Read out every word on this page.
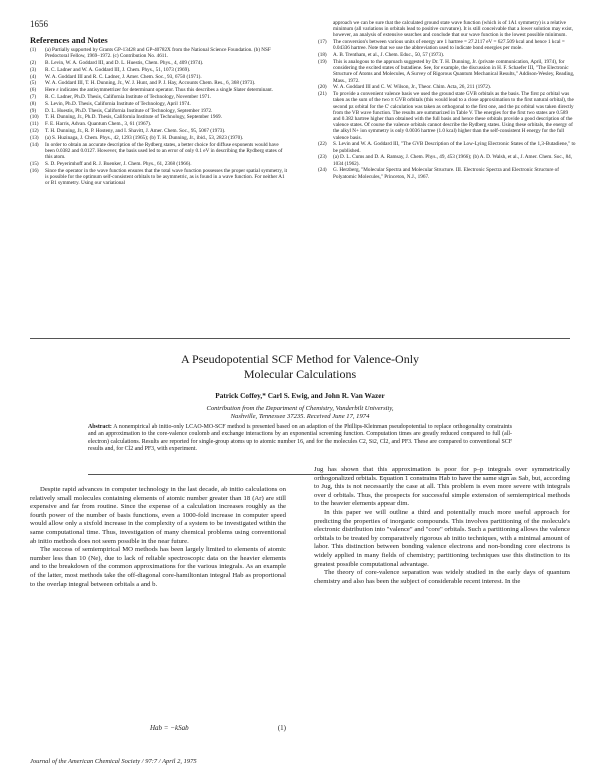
1656
References and Notes
(1)	(a) Partially supported by Grants GP-13428 and GP-40782X from the National Science Foundation. (b) NSF Predoctoral Fellow, 1969–1972. (c) Contribution No. 4611.
(2)	B. Levin, W. A. Goddard III, and D. L. Huestis, Chem. Phys., 4, 409 (1974).
(3)	R. C. Ladner and W. A. Goddard III, J. Chem. Phys., 51, 1073 (1969).
(4)	W. A. Goddard III and R. C. Ladner, J. Amer. Chem. Soc., 93, 6750 (1971).
(5)	W. A. Goddard III, T. H. Dunning, Jr., W. J. Hunt, and P. J. Hay, Accounts Chem. Res., 6, 368 (1973).
(6)	Here ε indicates the antisymmetrizer for determinant operator. Thus this describes a single Slater determinant.
(7)	R. C. Ladner, Ph.D. Thesis, California Institute of Technology, November 1971.
(8)	S. Levin, Ph.D. Thesis, California Institute of Technology, April 1974.
(9)	D. L. Huestis, Ph.D. Thesis, California Institute of Technology, September 1972.
(10)	T. H. Dunning, Jr., Ph.D. Thesis, California Institute of Technology, September 1969.
(11)	F. E. Harris, Advan. Quantum Chem., 3, 61 (1967).
(12)	T. H. Dunning, Jr., R. P. Hosteny, and I. Shavitt, J. Amer. Chem. Soc., 95, 5067 (1973).
(13)	(a) S. Huzinaga, J. Chem. Phys., 42, 1293 (1965); (b) T. H. Dunning, Jr., ibid., 53, 2823 (1970).
(14)	In order to obtain an accurate description of the Rydberg states, a better choice for diffuse exponents would have been 0.0382 and 0.0127. However, the basis used led to an error of only 0.1 eV in describing the Rydberg states of this atom.
(15)	S. D. Peyerimhoff and R. J. Buenker, J. Chem. Phys., 61, 2368 (1966).
(16)	Since the operator in the wave function ensures that the total wave function possesses the proper spatial symmetry, it is possible for the optimum self-consistent orbitals to be asymmetric, as is found in a wave function. For neither A1 or B1 symmetry. Using our variational
approach we can be sure that the calculated ground state wave function (which is of 1A1 symmetry) is a relative minimum (all variations in orbitals lead to positive curvature). It is still conceivable that a lower solution may exist, however, an analysis of extensive searches and conclude that our wave function is the lowest possible minimum.
(17)	The conversion's between various units of energy are 1 hartree = 27.2117 eV = 627.509 kcal and hence 1 kcal = 0.04336 hartree. Note that we use the abbreviation used to indicate bond energies per mole.
(18)	A. B. Trentham, et al., J. Chem. Educ., 50, 57 (1973).
(19)	This is analogous to the approach suggested by Dr. T. H. Dunning, Jr. (private communication, April, 1974), for considering the excited states of butadiene. See, for example, the discussion in H. F. Schaefer III, "The Electronic Structure of Atoms and Molecules, A Survey of Rigorous Quantum Mechanical Results," Addison-Wesley, Reading, Mass., 1972.
(20)	W. A. Goddard III and C. W. Wilson, Jr., Theor. Chim. Acta, 26, 211 (1972).
(21)	To provide a convenient valence basis we used the ground state GVB orbitals as the basis. The first pz orbital was taken as the sum of the two π GVB orbitals (this would lead to a close approximation to the first natural orbital), the second pz orbital for the C' calculation was taken as orthogonal to the first one, and the pz orbital was taken directly from the VB wave function. The results are summarized in Table V. The energies for the first two states are 0.589 and 0.382 hartree higher than obtained with the full basis and hence these orbitals provide a good description of the valence states. Of course the valence orbitals cannot describe the Rydberg states. Using these orbitals, the energy of the alkyl N+ ion symmetry is only 0.0036 hartree (1.0 kcal) higher than the self-consistent H energy for the full valence basis.
(22)	S. Levin and W. A. Goddard III, "The GVB Description of the Low-Lying Electronic States of the 1,3-Butadiene," to be published.
(23)	(a) D. L. Cums and D. A. Ramsay, J. Chem. Phys., 49, 453 (1966); (b) A. D. Walsh, et al., J. Amer. Chem. Soc., 84, 1034 (1962).
(24)	G. Herzberg, "Molecular Spectra and Molecular Structure. III. Electronic Spectra and Electronic Structure of Polyatomic Molecules," Princeton, N.J., 1967.
A Pseudopotential SCF Method for Valence-Only
Molecular Calculations
Patrick Coffey,* Carl S. Ewig, and John R. Van Wazer
Contribution from the Department of Chemistry, Vanderbilt University,
Nashville, Tennessee 37235. Received June 17, 1974
Abstract: A nonempirical ab initio-only LCAO-MO-SCF method is presented based on an adaption of the Phillips-Kleinman pseudopotential to replace orthogonality constraints and an approximation to the core-valence coulomb and exchange interactions by an exponential screening function. Computation times are greatly reduced compared to full (all-electron) calculations. Results are reported for single-group atoms up to atomic number 16, and for the molecules C2, Si2, Cl2, and PF3. These are compared to conventional SCF results and, for Cl2 and PF3, with experiment.

Despite rapid advances in computer technology in the last decade, ab initio calculations on relatively small molecules containing elements of atomic number greater than 18 (Ar) are still expensive and far from routine. Since the expense of a calculation increases roughly as the fourth power of the number of basis functions, even a 1000-fold increase in computer speed would allow only a sixfold increase in the complexity of a system to be investigated within the same computational time. Thus, investigation of many chemical problems using conventional ab initio methods does not seem possible in the near future.

The success of semiempirical MO methods has been largely limited to elements of atomic number less than 10 (Ne), due to lack of reliable spectroscopic data on the heavier elements and to the breakdown of the common approximations for the various integrals. As an example of the latter, most methods take the off-diagonal core-hamiltonian integral Hab as proportional to the overlap integral between orbitals a and b.

Hab = −kSab	(1)

Jug has shown that this approximation is poor for p–p integrals over symmetrically orthogonalized orbitals. Equation 1 constrains Hab to have the same sign as Sab, but, according to Jug, this is not necessarily the case at all. This problem is even more severe with integrals over d orbitals. Thus, the prospects for successful simple extension of semiempirical methods to the heavier elements appear dim.

In this paper we will outline a third and potentially much more useful approach for predicting the properties of inorganic compounds. This involves partitioning of the molecule's electronic distribution into "valence" and "core" orbitals. Such a partitioning allows the valence orbitals to be treated by comparatively rigorous ab initio techniques, with a minimal amount of labor. This distinction between bonding valence electrons and non-bonding core electrons is widely applied in many fields of chemistry; partitioning techniques use this distinction to its greatest possible computational advantage.

The theory of core-valence separation was widely studied in the early days of quantum chemistry and also has been the subject of considerable recent interest. In the

Journal of the American Chemical Society / 97:7 / April 2, 1975
